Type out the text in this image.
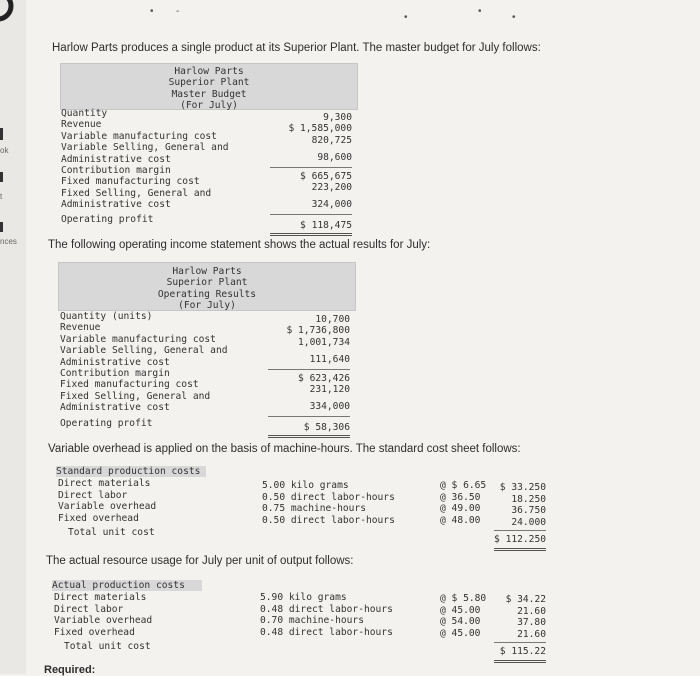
ok
t
nces
• -
•
•
•
Harlow Parts produces a single product at its Superior Plant. The master budget for July follows:
Harlow Parts
Superior Plant
Master Budget
(For July)
Quantity
Revenue
Variable manufacturing cost
Variable Selling, General and
Administrative cost
Contribution margin
Fixed manufacturing cost
Fixed Selling, General and
Administrative cost
Operating profit
9,300
$ 1,585,000
820,725
98,600
$ 665,675
223,200
324,000
$ 118,475
The following operating income statement shows the actual results for July:
Harlow Parts
Superior Plant
Operating Results
(For July)
Quantity (units)
Revenue
Variable manufacturing cost
Variable Selling, General and
Administrative cost
Contribution margin
Fixed manufacturing cost
Fixed Selling, General and
Administrative cost
Operating profit
10,700
$ 1,736,800
1,001,734
111,640
$ 623,426
231,120
334,000
$ 58,306
Variable overhead is applied on the basis of machine-hours. The standard cost sheet follows:
Standard production costs
Direct materials
Direct labor
Variable overhead
Fixed overhead
Total unit cost
5.00 kilo grams
0.50 direct labor-hours
0.75 machine-hours
0.50 direct labor-hours
@ $ 6.65
@ 36.50
@ 49.00
@ 48.00
$ 33.250
18.250
36.750
24.000
$ 112.250
The actual resource usage for July per unit of output follows:
Actual production costs
Direct materials
Direct labor
Variable overhead
Fixed overhead
Total unit cost
5.90 kilo grams
0.48 direct labor-hours
0.70 machine-hours
0.48 direct labor-hours
@ $ 5.80
@ 45.00
@ 54.00
@ 45.00
$ 34.22
21.60
37.80
21.60
$ 115.22
Required:
